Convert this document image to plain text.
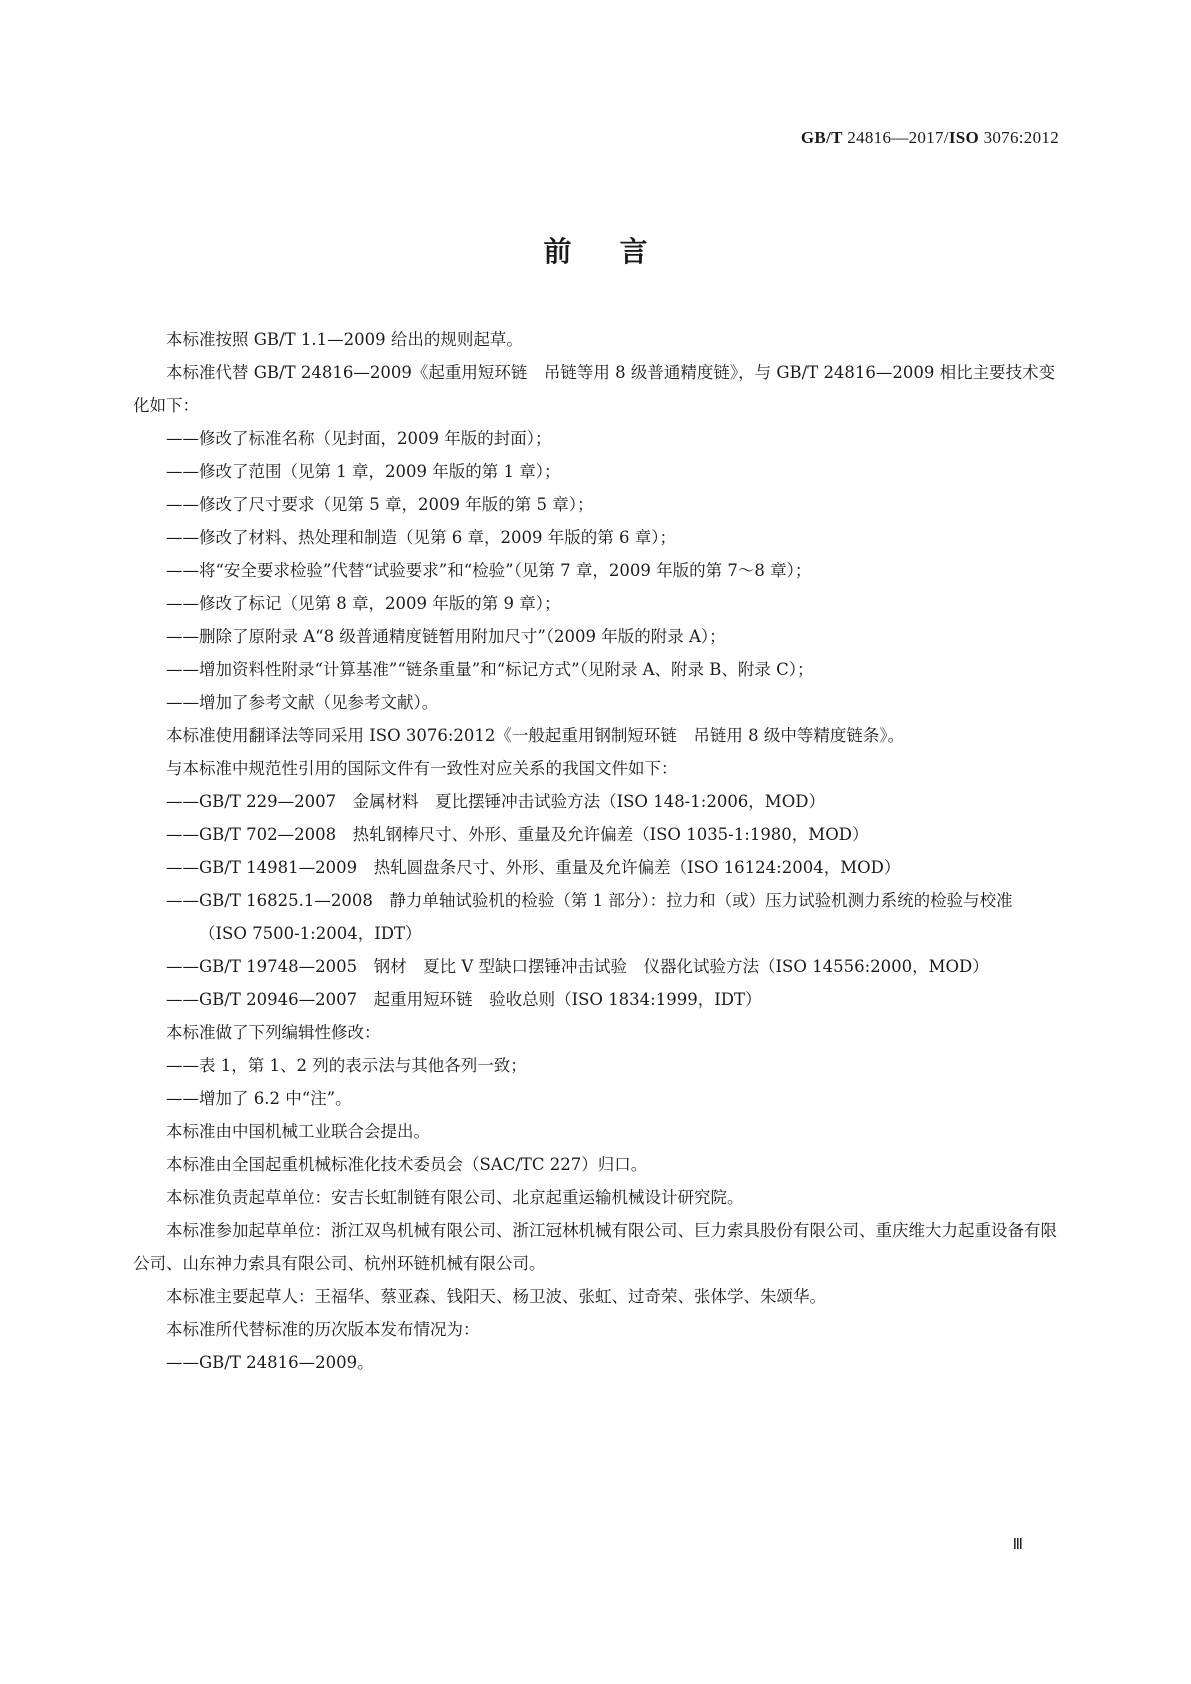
GB/T 24816—2017/ISO 3076:2012
前言

本标准按照 GB/T 1.1—2009 给出的规则起草。

本标准代替 GB/T 24816—2009《起重用短环链　吊链等用 8 级普通精度链》，与 GB/T 24816—2009 相比主要技术变化如下：

——修改了标准名称（见封面，2009 年版的封面）；

——修改了范围（见第 1 章，2009 年版的第 1 章）；

——修改了尺寸要求（见第 5 章，2009 年版的第 5 章）；

——修改了材料、热处理和制造（见第 6 章，2009 年版的第 6 章）；

——将“安全要求检验”代替“试验要求”和“检验”（见第 7 章，2009 年版的第 7～8 章）；

——修改了标记（见第 8 章，2009 年版的第 9 章）；

——删除了原附录 A“8 级普通精度链暂用附加尺寸”（2009 年版的附录 A）；

——增加资料性附录“计算基准”“链条重量”和“标记方式”（见附录 A、附录 B、附录 C）；

——增加了参考文献（见参考文献）。

本标准使用翻译法等同采用 ISO 3076:2012《一般起重用钢制短环链　吊链用 8 级中等精度链条》。

与本标准中规范性引用的国际文件有一致性对应关系的我国文件如下：

——GB/T 229—2007　金属材料　夏比摆锤冲击试验方法（ISO 148-1:2006，MOD）

——GB/T 702—2008　热轧钢棒尺寸、外形、重量及允许偏差（ISO 1035-1:1980，MOD）

——GB/T 14981—2009　热轧圆盘条尺寸、外形、重量及允许偏差（ISO 16124:2004，MOD）

——GB/T 16825.1—2008　静力单轴试验机的检验（第 1 部分）：拉力和（或）压力试验机测力系统的检验与校准（ISO 7500-1:2004，IDT）

——GB/T 19748—2005　钢材　夏比 V 型缺口摆锤冲击试验　仪器化试验方法（ISO 14556:2000，MOD）

——GB/T 20946—2007　起重用短环链　验收总则（ISO 1834:1999，IDT）

本标准做了下列编辑性修改：

——表 1，第 1、2 列的表示法与其他各列一致；

——增加了 6.2 中“注”。

本标准由中国机械工业联合会提出。

本标准由全国起重机械标准化技术委员会（SAC/TC 227）归口。

本标准负责起草单位：安吉长虹制链有限公司、北京起重运输机械设计研究院。

本标准参加起草单位：浙江双鸟机械有限公司、浙江冠林机械有限公司、巨力索具股份有限公司、重庆维大力起重设备有限公司、山东神力索具有限公司、杭州环链机械有限公司。

本标准主要起草人：王福华、蔡亚森、钱阳天、杨卫波、张虹、过奇荣、张体学、朱颂华。

本标准所代替标准的历次版本发布情况为：

——GB/T 24816—2009。

Ⅲ
